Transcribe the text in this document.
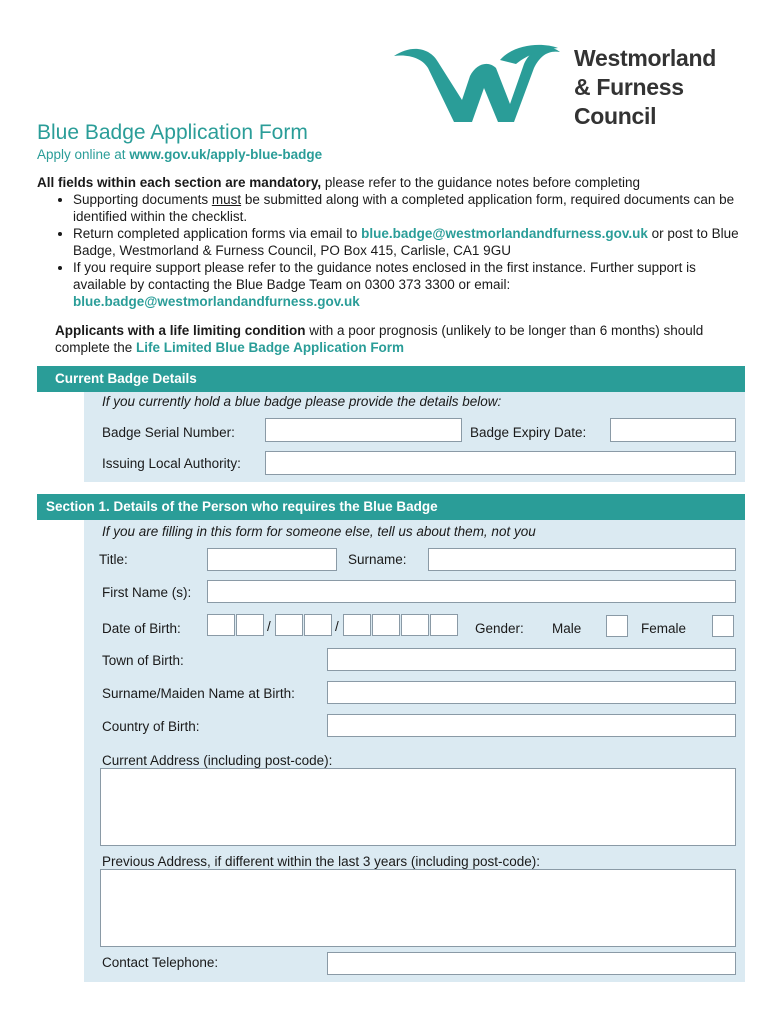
Westmorland
& Furness
Council
Blue Badge Application Form
Apply online at www.gov.uk/apply-blue-badge
All fields within each section are mandatory, please refer to the guidance notes before completing
• Supporting documents must be submitted along with a completed application form, required documents can be identified within the checklist.
• Return completed application forms via email to blue.badge@westmorlandandfurness.gov.uk or post to Blue Badge, Westmorland & Furness Council, PO Box 415, Carlisle, CA1 9GU
• If you require support please refer to the guidance notes enclosed in the first instance. Further support is available by contacting the Blue Badge Team on 0300 373 3300 or email:
blue.badge@westmorlandandfurness.gov.uk
Applicants with a life limiting condition with a poor prognosis (unlikely to be longer than 6 months) should complete the Life Limited Blue Badge Application Form
Current Badge Details
If you currently hold a blue badge please provide the details below:
Badge Serial Number:	Badge Expiry Date:
Issuing Local Authority:
Section 1. Details of the Person who requires the Blue Badge
If you are filling in this form for someone else, tell us about them, not you
Title:	Surname:
First Name (s):
Date of Birth:	/	/	Gender: Male	Female
Town of Birth:
Surname/Maiden Name at Birth:
Country of Birth:
Current Address (including post-code):
Previous Address, if different within the last 3 years (including post-code):
Contact Telephone:
